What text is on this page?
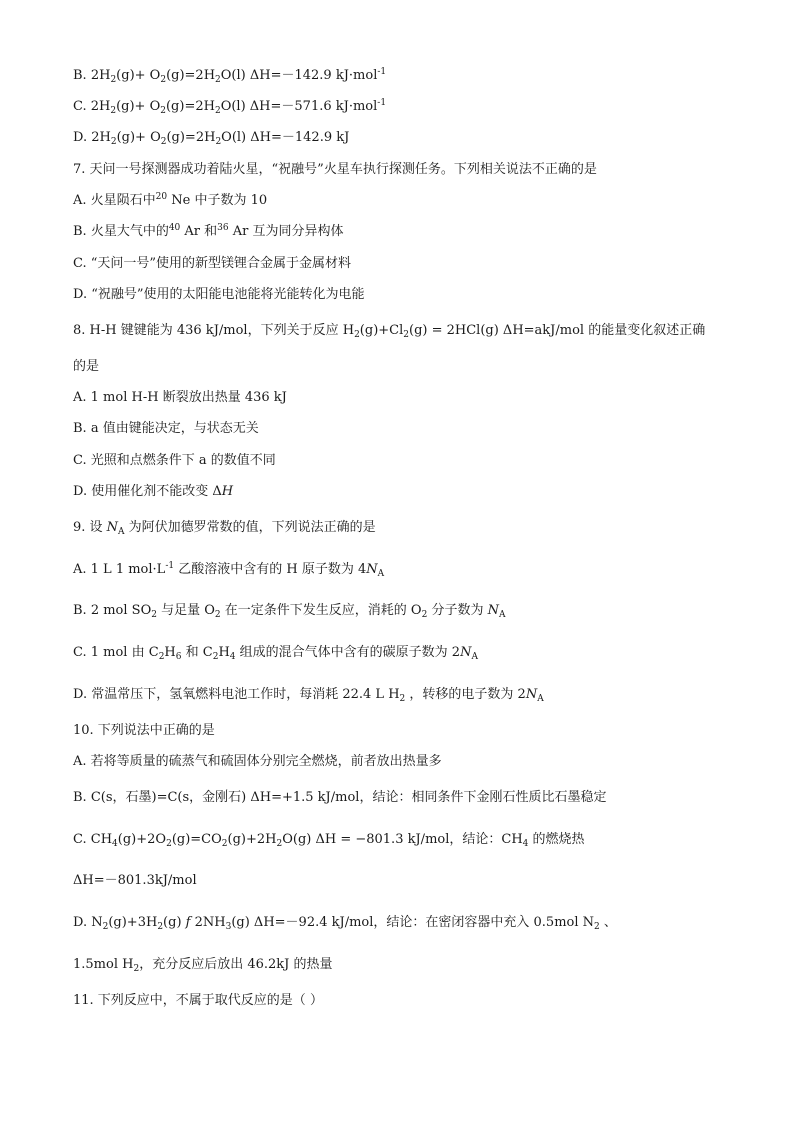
B. $2H_2(g)+ O_2(g)=2H_2O(l)$ ΔH=－142.9 kJ·mol$^{-1}$
C. $2H_2(g)+ O_2(g)=2H_2O(l)$ ΔH=－571.6 kJ·mol$^{-1}$
D. $2H_2(g)+ O_2(g)=2H_2O(l)$ ΔH=－142.9 kJ
7. 天问一号探测器成功着陆火星，“祝融号”火星车执行探测任务。下列相关说法不正确的是
A. 火星陨石中$^{20}$ Ne 中子数为 10
B. 火星大气中的$^{40}$ Ar 和$^{36}$ Ar 互为同分异构体
C. “天问一号”使用的新型镁锂合金属于金属材料
D. “祝融号”使用的太阳能电池能将光能转化为电能
8. H-H 键键能为 436 kJ/mol，下列关于反应 $H_2(g)+Cl_2(g) = 2HCl(g)$ ΔH=akJ/mol 的能量变化叙述正确
的是
A. 1 mol H-H 断裂放出热量 436 kJ
B. a 值由键能决定，与状态无关
C. 光照和点燃条件下 a 的数值不同
D. 使用催化剂不能改变 ΔH
9. 设 $N_A$ 为阿伏加德罗常数的值，下列说法正确的是
A. 1 L 1 $mol\cdot L^{-1}$ 乙酸溶液中含有的 H 原子数为 $4N_A$
B. 2 mol $SO_2$ 与足量 $O_2$ 在一定条件下发生反应，消耗的 $O_2$ 分子数为 $N_A$
C. 1 mol 由 $C_2H_6$ 和 $C_2H_4$ 组成的混合气体中含有的碳原子数为 $2N_A$
D. 常温常压下，氢氧燃料电池工作时，每消耗 22.4 L $H_2$ ，转移的电子数为 $2N_A$
10. 下列说法中正确的是
A. 若将等质量的硫蒸气和硫固体分别完全燃烧，前者放出热量多
B. C(s，石墨)=C(s，金刚石) ΔH=+1.5 kJ/mol，结论：相同条件下金刚石性质比石墨稳定
C. $CH_4(g)+2O_2(g)=CO_2(g)+2H_2O(g) \Delta H = -801.3$ kJ/mol，结论：$CH_4$ 的燃烧热
ΔH=－801.3kJ/mol
D. $N_2(g)+3H_2(g)$ f $2NH_3(g)$ ΔH=－92.4 kJ/mol，结论：在密闭容器中充入 0.5mol $N_2$ 、
1.5mol $H_2$，充分反应后放出 46.2kJ 的热量
11. 下列反应中，不属于取代反应的是（ ）
